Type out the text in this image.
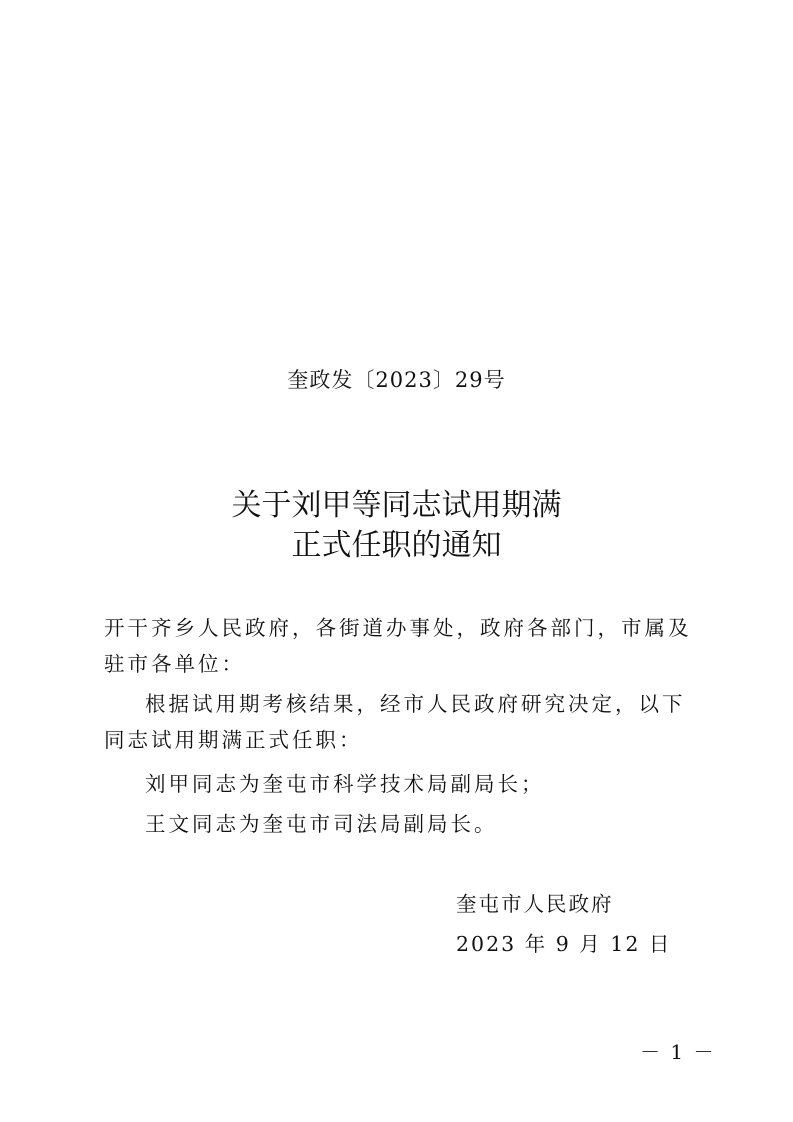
奎政发〔2023〕29号
关于刘甲等同志试用期满
正式任职的通知
开干齐乡人民政府，各街道办事处，政府各部门，市属及驻市各单位：
根据试用期考核结果，经市人民政府研究决定，以下同志试用期满正式任职：
刘甲同志为奎屯市科学技术局副局长；
王文同志为奎屯市司法局副局长。
奎屯市人民政府
2023 年 9 月 12 日
－ 1 －
